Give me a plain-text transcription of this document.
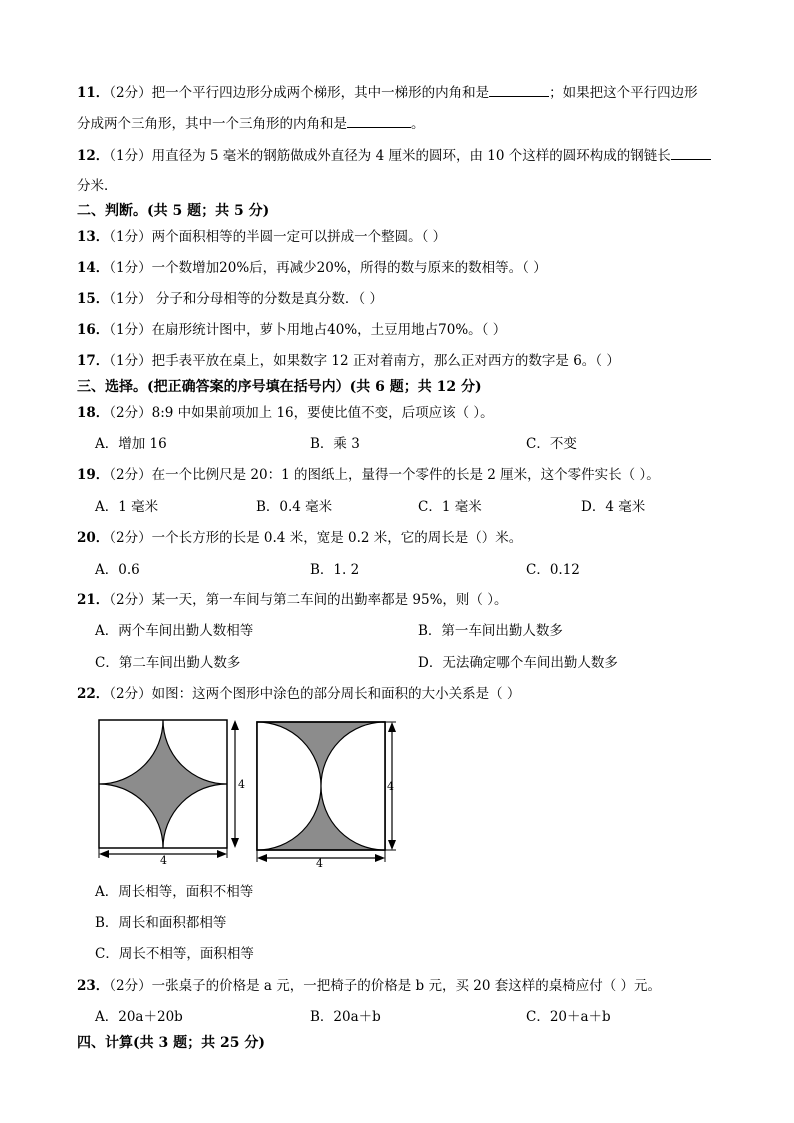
11．（2分）把一个平行四边形分成两个梯形，其中一梯形的内角和是	；如果把这个平行四边形
分成两个三角形，其中一个三角形的内角和是	。
12．（1分）用直径为 5 毫米的钢筋做成外直径为 4 厘米的圆环，由 10 个这样的圆环构成的钢链长
分米．
二、判断。(共 5 题；共 5 分)
13．（1分）两个面积相等的半圆一定可以拼成一个整圆。（ ）
14．（1分）一个数增加20%后，再减少20%，所得的数与原来的数相等。（ ）
15．（1分） 分子和分母相等的分数是真分数．（ ）
16．（1分）在扇形统计图中，萝卜用地占40%，土豆用地占70%。（ ）
17．（1分）把手表平放在桌上，如果数字 12 正对着南方，那么正对西方的数字是 6。（ ）
三、选择。(把正确答案的序号填在括号内）(共 6 题；共 12 分)
18．（2分）8:9 中如果前项加上 16，要使比值不变，后项应该（ ）。
A．增加 16	B．乘 3	C．不变
19．（2分）在一个比例尺是 20：1 的图纸上，量得一个零件的长是 2 厘米，这个零件实长（ ）。
A．1 毫米	B．0.4 毫米	C．1 毫米	D．4 毫米
20．（2分）一个长方形的长是 0.4 米，宽是 0.2 米，它的周长是（）米。
A．0.6	B．1. 2	C．0.12
21．（2分）某一天，第一车间与第二车间的出勤率都是 95%，则（ ）。
A．两个车间出勤人数相等	B．第一车间出勤人数多
C．第二车间出勤人数多	D．无法确定哪个车间出勤人数多
22．（2分）如图：这两个图形中涂色的部分周长和面积的大小关系是（ ）
4
4
4
4
A．周长相等，面积不相等
B．周长和面积都相等
C．周长不相等，面积相等
23．（2分）一张桌子的价格是 a 元，一把椅子的价格是 b 元，买 20 套这样的桌椅应付（ ）元。
A．20a＋20b	B．20a＋b	C．20＋a＋b
四、计算(共 3 题；共 25 分)
